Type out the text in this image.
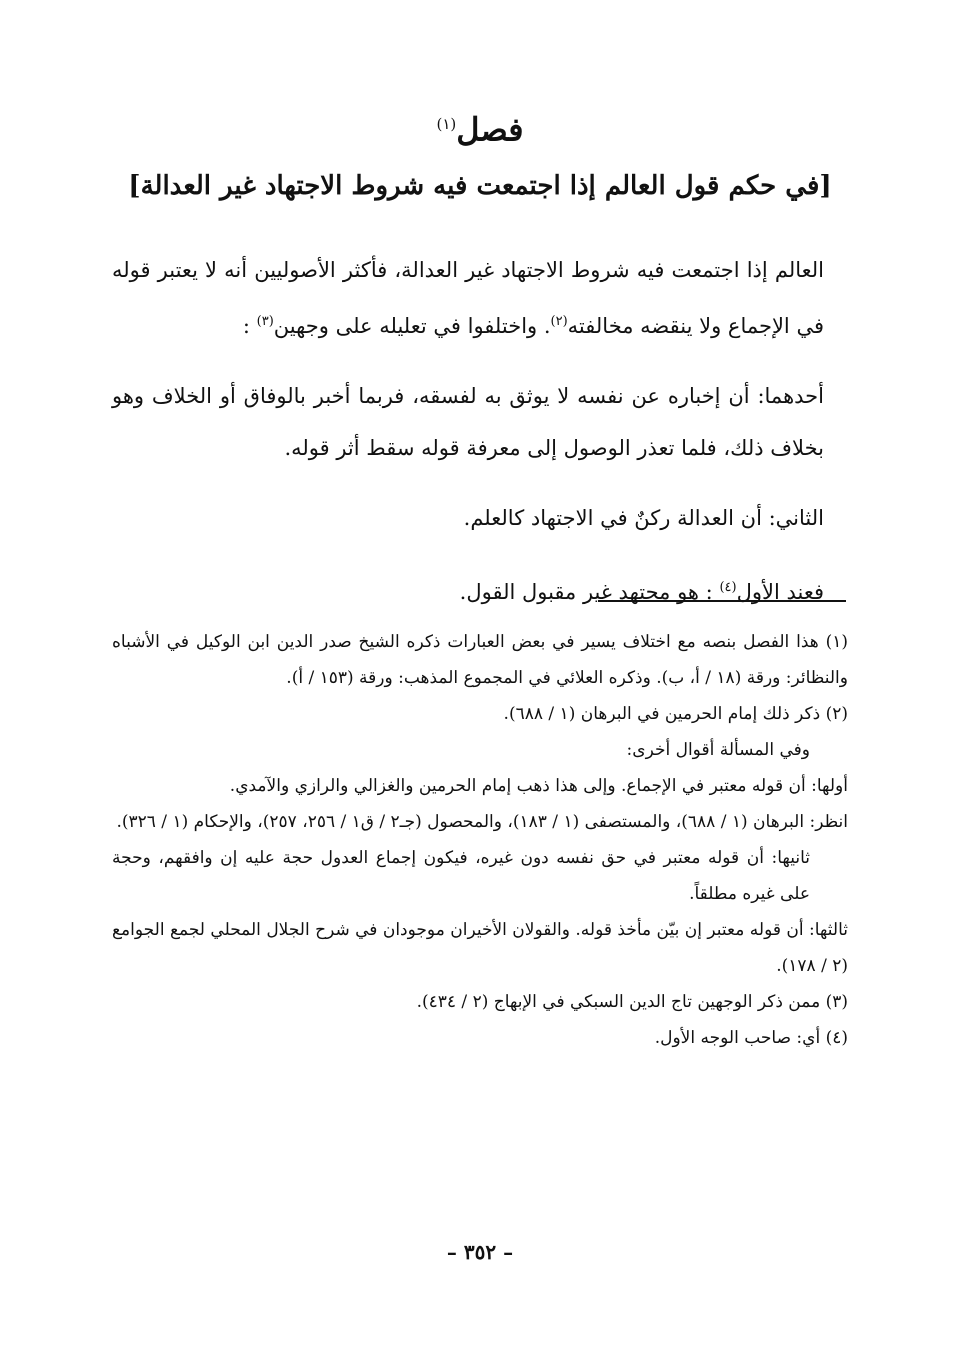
فصل$^{(١)}$
[في حكم قول العالم إذا اجتمعت فيه شروط الاجتهاد غير العدالة]

العالم إذا اجتمعت فيه شروط الاجتهاد غير العدالة، فأكثر الأصوليين أنه لا يعتبر قوله في الإجماع ولا ينقضه مخالفته$^{(٢)}$. واختلفوا في تعليله على وجهين$^{(٣)}$ :

أحدهما: أن إخباره عن نفسه لا يوثق به لفسقه، فربما أخبر بالوفاق أو الخلاف وهو بخلاف ذلك، فلما تعذر الوصول إلى معرفة قوله سقط أثر قوله.

الثاني: أن العدالة ركنٌ في الاجتهاد كالعلم.

فعند الأول$^{(٤)}$ : هو مجتهد غير مقبول القول.

(١) هذا الفصل بنصه مع اختلاف يسير في بعض العبارات ذكره الشيخ صدر الدين ابن الوكيل في الأشباه والنظائر: ورقة (١٨ / أ، ب). وذكره العلائي في المجموع المذهب: ورقة (١٥٣ / أ).

(٢) ذكر ذلك إمام الحرمين في البرهان (١ / ٦٨٨).

وفي المسألة أقوال أخرى:

أولها: أن قوله معتبر في الإجماع. وإلى هذا ذهب إمام الحرمين والغزالي والرازي والآمدي.

انظر: البرهان (١ / ٦٨٨)، والمستصفى (١ / ١٨٣)، والمحصول (جـ٢ / ق١ / ٢٥٦، ٢٥٧)، والإحكام (١ / ٣٢٦).

ثانيها: أن قوله معتبر في حق نفسه دون غيره، فيكون إجماع العدول حجة عليه إن وافقهم، وحجة على غيره مطلقاً.

ثالثها: أن قوله معتبر إن بيّن مأخذ قوله. والقولان الأخيران موجودان في شرح الجلال المحلي لجمع الجوامع (٢ / ١٧٨).

(٣) ممن ذكر الوجهين تاج الدين السبكي في الإبهاج (٢ / ٤٣٤).

(٤) أي: صاحب الوجه الأول.

– ٣٥٢ –
